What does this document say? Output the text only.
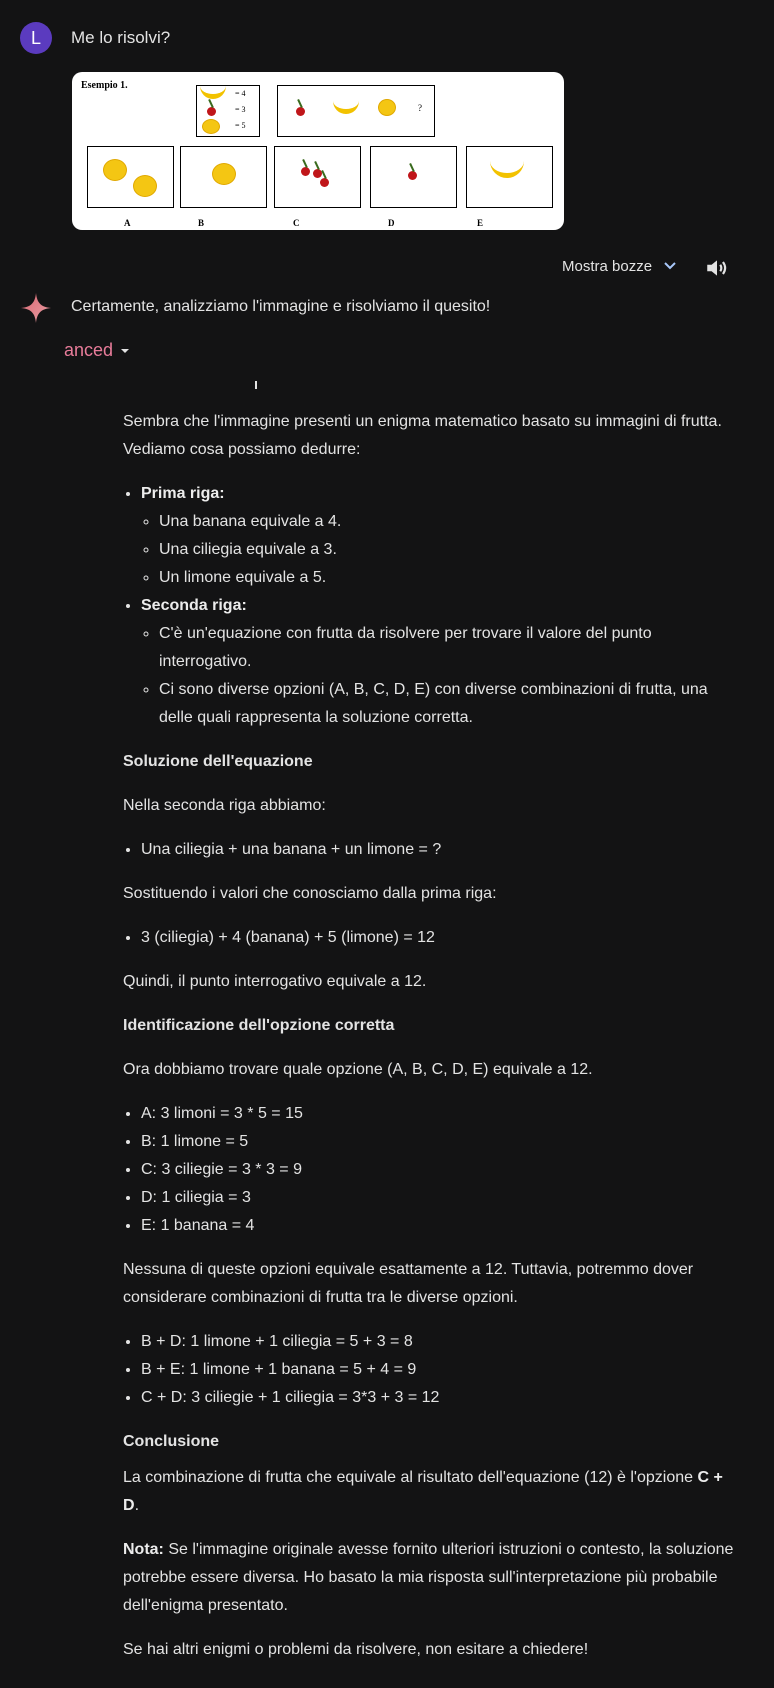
L	Me lo risolvi?
Esempio 1.
= 4
= 3
= 5
?
A	B	C	D	E
Mostra bozze
Certamente, analizziamo l'immagine e risolviamo il quesito!
anced

Sembra che l'immagine presenti un enigma matematico basato su immagini di frutta. Vediamo cosa possiamo dedurre:

• Prima riga:
◦ Una banana equivale a 4.
◦ Una ciliegia equivale a 3.
◦ Un limone equivale a 5.
• Seconda riga:
◦ C'è un'equazione con frutta da risolvere per trovare il valore del punto interrogativo.
◦ Ci sono diverse opzioni (A, B, C, D, E) con diverse combinazioni di frutta, una delle quali rappresenta la soluzione corretta.
Soluzione dell'equazione

Nella seconda riga abbiamo:

• Una ciliegia + una banana + un limone = ?

Sostituendo i valori che conosciamo dalla prima riga:

• 3 (ciliegia) + 4 (banana) + 5 (limone) = 12

Quindi, il punto interrogativo equivale a 12.

Identificazione dell'opzione corretta

Ora dobbiamo trovare quale opzione (A, B, C, D, E) equivale a 12.

• A: 3 limoni = 3 * 5 = 15
• B: 1 limone = 5
• C: 3 ciliegie = 3 * 3 = 9
• D: 1 ciliegia = 3
• E: 1 banana = 4

Nessuna di queste opzioni equivale esattamente a 12. Tuttavia, potremmo dover considerare combinazioni di frutta tra le diverse opzioni.

• B + D: 1 limone + 1 ciliegia = 5 + 3 = 8
• B + E: 1 limone + 1 banana = 5 + 4 = 9
• C + D: 3 ciliegie + 1 ciliegia = 3*3 + 3 = 12
Conclusione

La combinazione di frutta che equivale al risultato dell'equazione (12) è l'opzione C + D.

Nota: Se l'immagine originale avesse fornito ulteriori istruzioni o contesto, la soluzione potrebbe essere diversa. Ho basato la mia risposta sull'interpretazione più probabile dell'enigma presentato.

Se hai altri enigmi o problemi da risolvere, non esitare a chiedere!
